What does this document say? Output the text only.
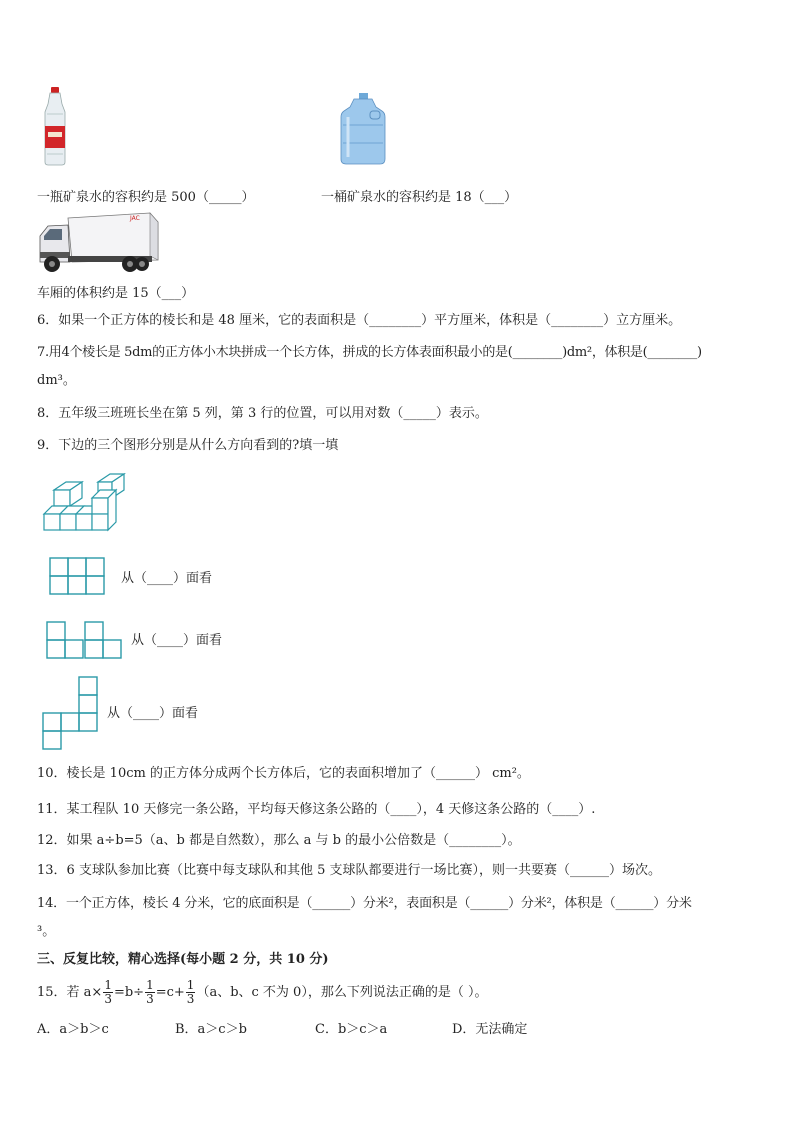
一瓶矿泉水的容积约是 500（_____）	一桶矿泉水的容积约是 18（___）
JAC
车厢的体积约是 15（___）
6．如果一个正方体的棱长和是 48 厘米，它的表面积是（________）平方厘米，体积是（________）立方厘米。
7.用4个棱长是 5dm的正方体小木块拼成一个长方体，拼成的长方体表面积最小的是(________)dm²，体积是(________)
dm³。
8．五年级三班班长坐在第 5 列，第 3 行的位置，可以用对数（_____）表示。
9．下边的三个图形分别是从什么方向看到的?填一填
从（____）面看
从（____）面看
从（____）面看
10．棱长是 10cm 的正方体分成两个长方体后，它的表面积增加了（______） cm²。
11．某工程队 10 天修完一条公路，平均每天修这条公路的（____），4 天修这条公路的（____）.
12．如果 a÷b=5（a、b 都是自然数），那么 a 与 b 的最小公倍数是（________）。
13．6 支球队参加比赛（比赛中每支球队和其他 5 支球队都要进行一场比赛），则一共要赛（______）场次。
14．一个正方体，棱长 4 分米，它的底面积是（______）分米²，表面积是（______）分米²，体积是（______）分米
³。
三、反复比较，精心选择(每小题 2 分，共 10 分)
15．若 $a\times \frac{1}{3} =b\div \frac{1}{3} =c+ \frac{1}{3} (a$、b、c 不为 0），那么下列说法正确的是（ ）。
A．a＞b＞c	B．a＞c＞b	C．b＞c＞a	D．无法确定
